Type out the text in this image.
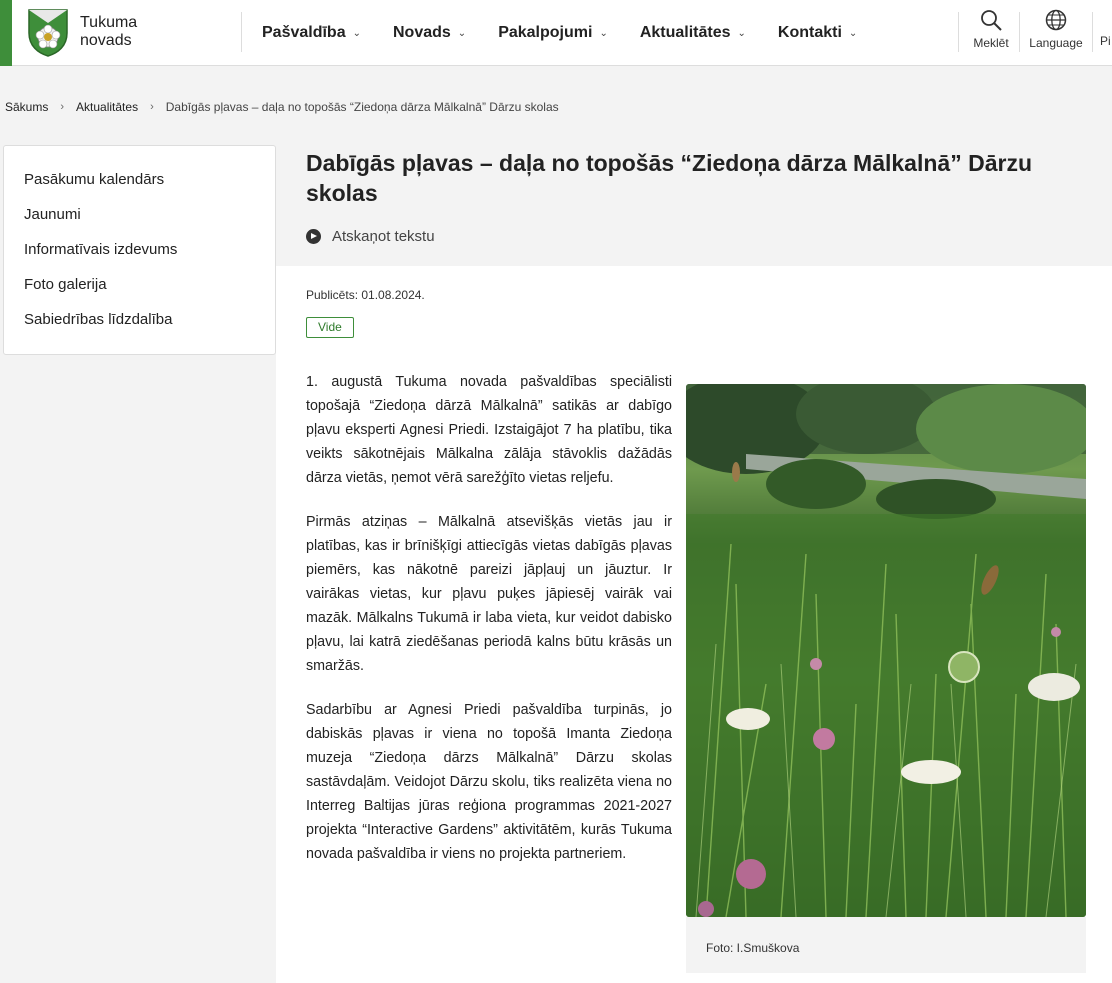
Tukuma
novads	Pašvaldība ⌄ Novads ⌄ Pakalpojumi ⌄ Aktualitātes ⌄ Kontakti ⌄
Meklēt	Language Pi
Sākums › Aktualitātes › Dabīgās pļavas – daļa no topošās “Ziedoņa dārza Mālkalnā” Dārzu skolas
Pasākumu kalendārs
Jaunumi
Informatīvais izdevums
Foto galerija
Sabiedrības līdzdalība
Dabīgās pļavas – daļa no topošās “Ziedoņa dārza Mālkalnā” Dārzu skolas
Atskaņot tekstu
Publicēts: 01.08.2024.
Vide

1. augustā Tukuma novada pašvaldības speciālisti topošajā “Ziedoņa dārzā Mālkalnā” satikās ar dabīgo pļavu eksperti Agnesi Priedi. Izstaigājot 7 ha platību, tika veikts sākotnējais Mālkalna zālāja stāvoklis dažādās dārza vietās, ņemot vērā sarežģīto vietas reljefu.

Pirmās atziņas – Mālkalnā atsevišķās vietās jau ir platības, kas ir brīnišķīgi attiecīgās vietas dabīgās pļavas piemērs, kas nākotnē pareizi jāpļauj un jāuztur. Ir vairākas vietas, kur pļavu puķes jāpiesēj vairāk vai mazāk. Mālkalns Tukumā ir laba vieta, kur veidot dabisko pļavu, lai katrā ziedēšanas periodā kalns būtu krāsās un smaržās.

Sadarbību ar Agnesi Priedi pašvaldība turpinās, jo dabiskās pļavas ir viena no topošā Imanta Ziedoņa muzeja “Ziedoņa dārzs Mālkalnā” Dārzu skolas sastāvdaļām. Veidojot Dārzu skolu, tiks realizēta viena no Interreg Baltijas jūras reģiona programmas 2021-2027 projekta “Interactive Gardens” aktivitātēm, kurās Tukuma novada pašvaldība ir viens no projekta partneriem.

Foto: I.Smuškova
